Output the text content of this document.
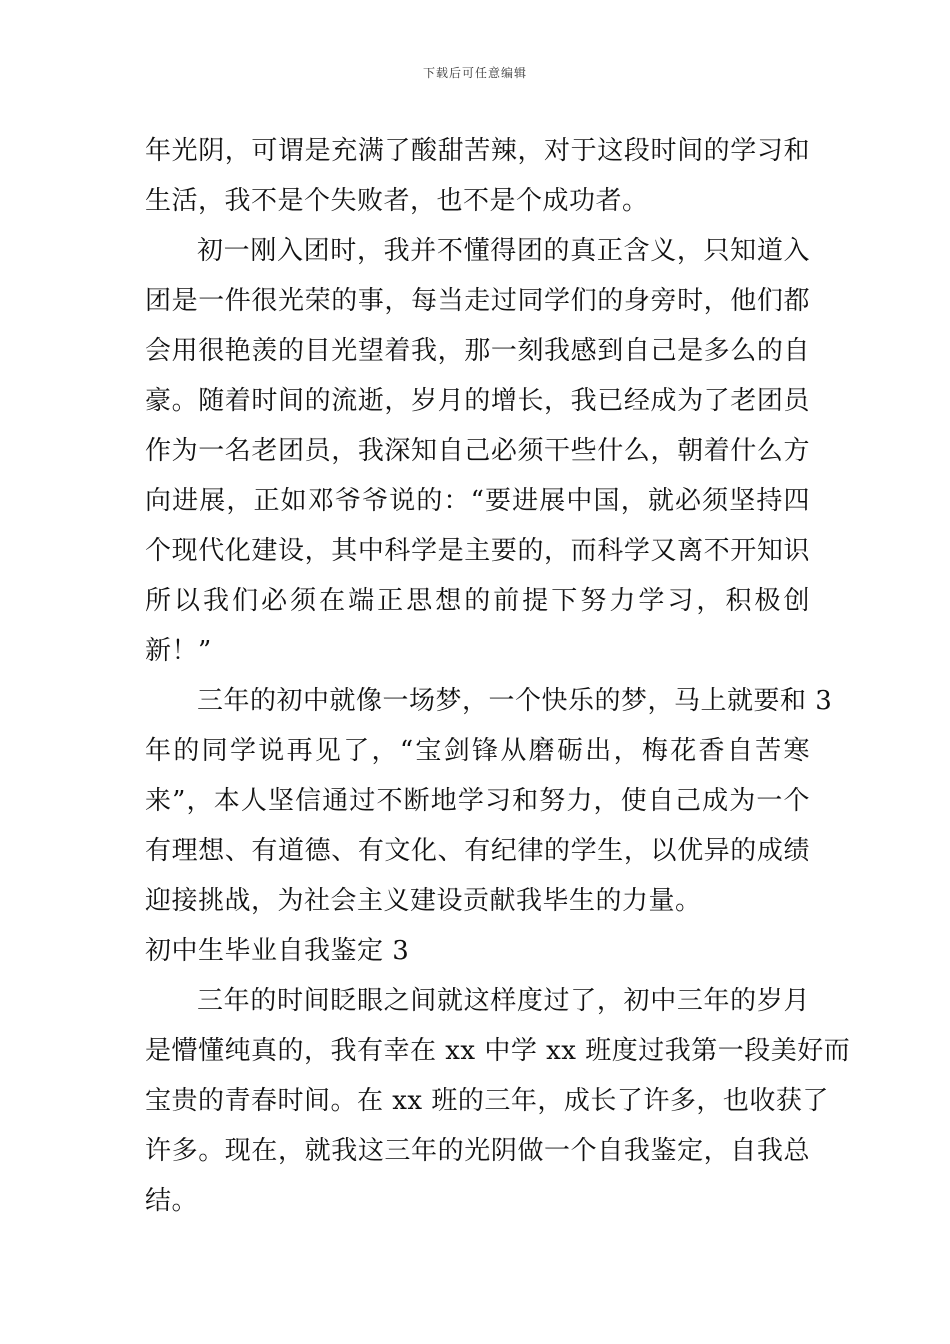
下载后可任意编辑
年光阴，可谓是充满了酸甜苦辣，对于这段时间的学习和
生活，我不是个失败者，也不是个成功者。
初一刚入团时，我并不懂得团的真正含义，只知道入
团是一件很光荣的事，每当走过同学们的身旁时，他们都
会用很艳羡的目光望着我，那一刻我感到自己是多么的自
豪。随着时间的流逝，岁月的增长，我已经成为了老团员
作为一名老团员，我深知自己必须干些什么，朝着什么方
向进展，正如邓爷爷说的：“要进展中国，就必须坚持四
个现代化建设，其中科学是主要的，而科学又离不开知识
所以我们必须在端正思想的前提下努力学习，积极创
新！”
三年的初中就像一场梦，一个快乐的梦，马上就要和 3
年的同学说再见了，“宝剑锋从磨砺出，梅花香自苦寒
来”，本人坚信通过不断地学习和努力，使自己成为一个
有理想、有道德、有文化、有纪律的学生，以优异的成绩
迎接挑战，为社会主义建设贡献我毕生的力量。
初中生毕业自我鉴定 3
三年的时间眨眼之间就这样度过了，初中三年的岁月
是懵懂纯真的，我有幸在 xx 中学 xx 班度过我第一段美好而
宝贵的青春时间。在 xx 班的三年，成长了许多，也收获了
许多。现在，就我这三年的光阴做一个自我鉴定，自我总
结。
